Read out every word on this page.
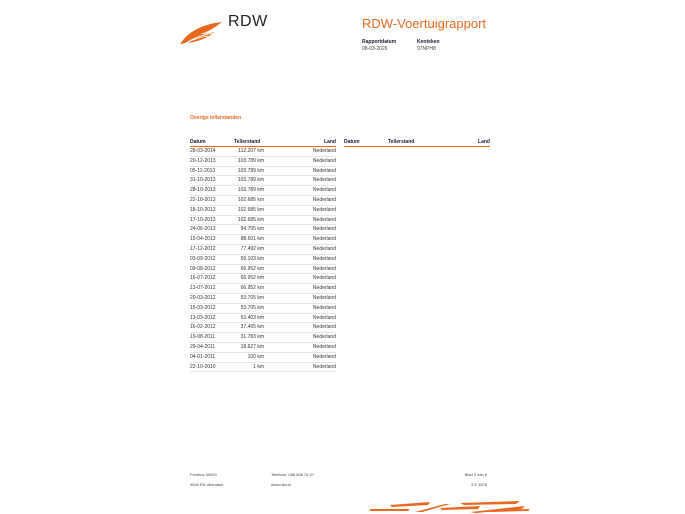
RDW	RDW-Voertuigrapport
Rapportdatum
08-03-2026
Kenteken
97NPH8
Overige tellerstanden
Datum	Tellerstand	Land
28-03-2014	112.207 km	Nederland
20-12-2013	103.789 km	Nederland
05-11-2013	103.789 km	Nederland
31-10-2013	103.789 km	Nederland
28-10-2013	103.789 km	Nederland
22-10-2013	102.685 km	Nederland
18-10-2013	102.685 km	Nederland
17-10-2013	102.685 km	Nederland
24-06-2013	94.705 km	Nederland
15-04-2013	88.601 km	Nederland
17-12-2012	77.492 km	Nederland
03-09-2012	69.103 km	Nederland
09-08-2012	66.952 km	Nederland
16-07-2012	66.952 km	Nederland
13-07-2012	66.952 km	Nederland
20-03-2012	53.705 km	Nederland
15-03-2012	53.705 km	Nederland
13-03-2012	53.403 km	Nederland
16-02-2012	37.465 km	Nederland
19-08-2011	31.783 km	Nederland
29-04-2011	18.627 km	Nederland
04-01-2011	100 km	Nederland
22-10-2010	1 km	Nederland
Datum	Tellerstand	Land
Postbus 30000
9640 RA Veendam
Telefoon: 088 008 74 47
www.rdw.nl
Blad 2 van 5
3 E 1678
